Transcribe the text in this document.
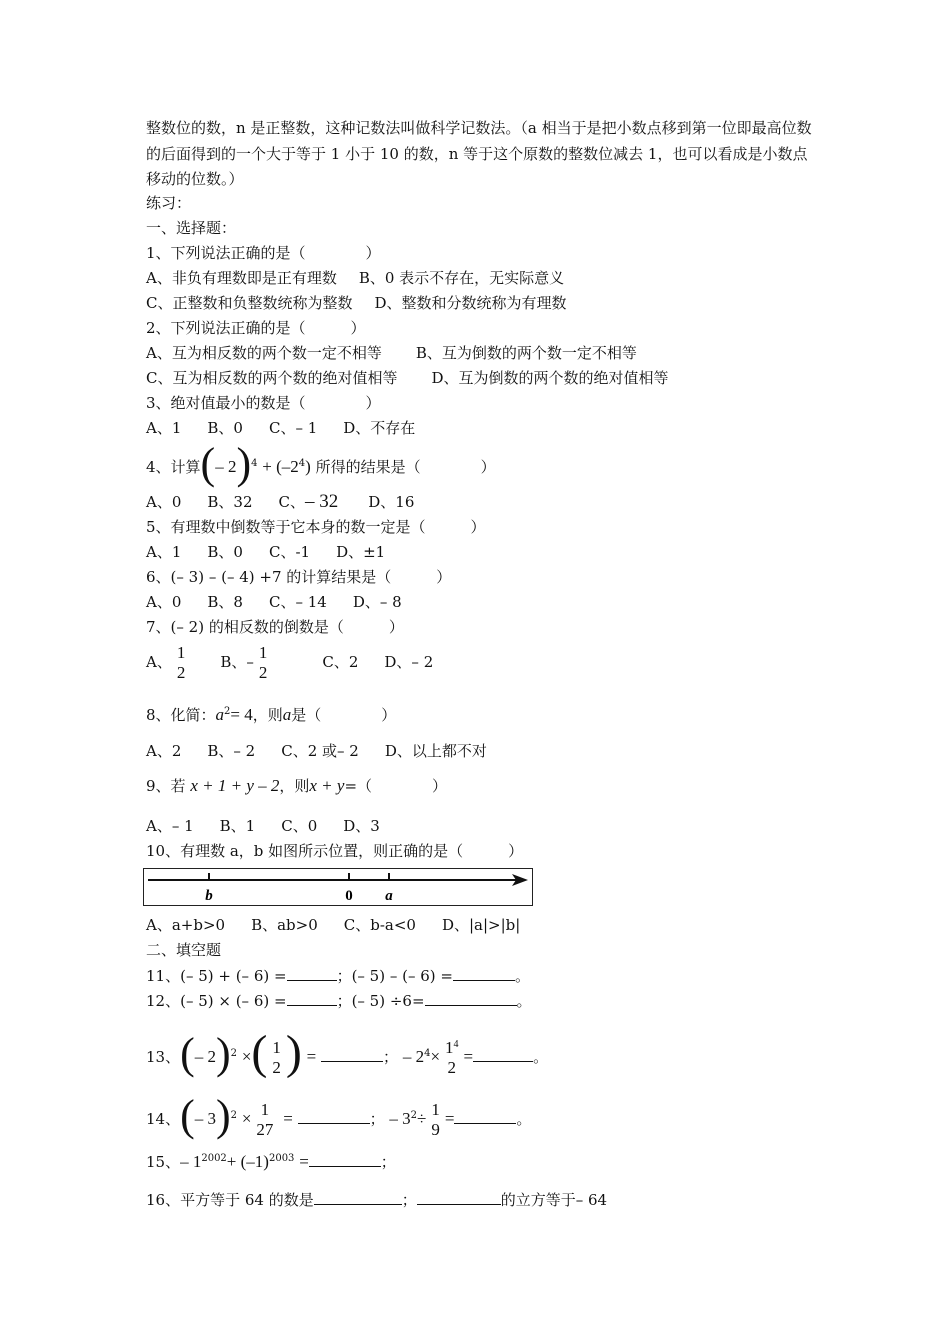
整数位的数，n 是正整数，这种记数法叫做科学记数法。（a 相当于是把小数点移到第一位即最高位数的后面得到的一个大于等于 1 小于 10 的数，n 等于这个原数的整数位减去 1，也可以看成是小数点移动的位数。）
练习：
一、选择题：
1、下列说法正确的是（　　　　）
A、非负有理数即是正有理数 B、0 表示不存在，无实际意义
C、正整数和负整数统称为整数 D、整数和分数统称为有理数
2、下列说法正确的是（　　　）
A、互为相反数的两个数一定不相等 B、互为倒数的两个数一定不相等
C、互为相反数的两个数的绝对值相等 D、互为倒数的两个数的绝对值相等
3、绝对值最小的数是（　　　　）
A、1 B、0 C、– 1 D、不存在
4、计算(– $2)^4 + (-2^4)$ 所得的结果是（　　　　）
A、0 B、32 C、– 32 D、16
5、有理数中倒数等于它本身的数一定是（　　　）
A、1 B、0 C、-1 D、±1
6、(– 3) – (– 4) +7 的计算结果是（　　　）
A、0 B、8 C、– 14 D、– 8
7、(– 2) 的相反数的倒数是（　　　）
A、 1
2
B、– 1
2
C、2 D、– 2
8、化简：$a^2= 4$，则a是（　　　　）
A、2 B、– 2 C、2 或– 2 D、以上都不对
9、若 x + 1 + y – 2，则x + y=（　　　　）
A、– 1 B、1 C、0 D、3
10、有理数 a，b 如图所示位置，则正确的是（　　　）
b	0 a
A、a+b>0 B、ab>0 C、b-a<0 D、|a|>|b|
二、填空题
11、(– 5) + (– 6) =	；(– 5) – (– 6) =	。
12、(– 5) × (– 6) =	；(– 5) ÷6=	。
13、(– 2)$^2$ ×( 1
2 ) =	； – $2^4\times 1^4$
2
=	。
14、(– 3)$^2$ × 1
27
=	； – $3^2\div 1$
9
=	。
15、– $1^{2002}+ (-1)^{2003}$ =	；
16、平方等于 64 的数是	；	的立方等于– 64
